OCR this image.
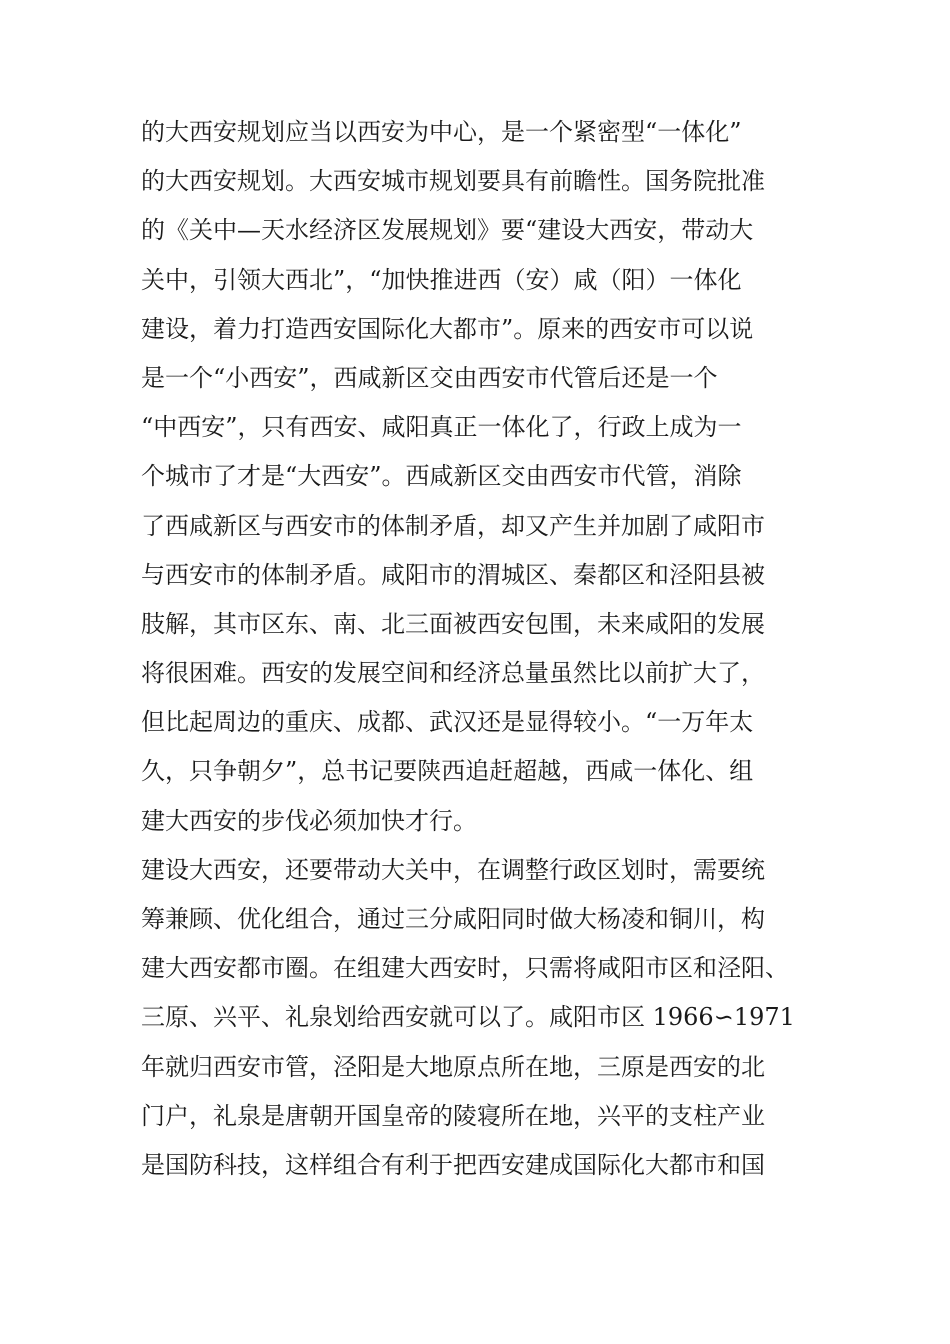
的大西安规划应当以西安为中心，是一个紧密型“一体化”
的大西安规划。大西安城市规划要具有前瞻性。国务院批准
的《关中—天水经济区发展规划》要“建设大西安，带动大
关中，引领大西北”，“加快推进西（安）咸（阳）一体化
建设，着力打造西安国际化大都市”。原来的西安市可以说
是一个“小西安”，西咸新区交由西安市代管后还是一个
“中西安”，只有西安、咸阳真正一体化了，行政上成为一
个城市了才是“大西安”。西咸新区交由西安市代管，消除
了西咸新区与西安市的体制矛盾，却又产生并加剧了咸阳市
与西安市的体制矛盾。咸阳市的渭城区、秦都区和泾阳县被
肢解，其市区东、南、北三面被西安包围，未来咸阳的发展
将很困难。西安的发展空间和经济总量虽然比以前扩大了，
但比起周边的重庆、成都、武汉还是显得较小。“一万年太
久，只争朝夕”，总书记要陕西追赶超越，西咸一体化、组
建大西安的步伐必须加快才行。
建设大西安，还要带动大关中，在调整行政区划时，需要统
筹兼顾、优化组合，通过三分咸阳同时做大杨凌和铜川，构
建大西安都市圈。在组建大西安时，只需将咸阳市区和泾阳、
三原、兴平、礼泉划给西安就可以了。咸阳市区 1966∽1971
年就归西安市管，泾阳是大地原点所在地，三原是西安的北
门户，礼泉是唐朝开国皇帝的陵寝所在地，兴平的支柱产业
是国防科技，这样组合有利于把西安建成国际化大都市和国
